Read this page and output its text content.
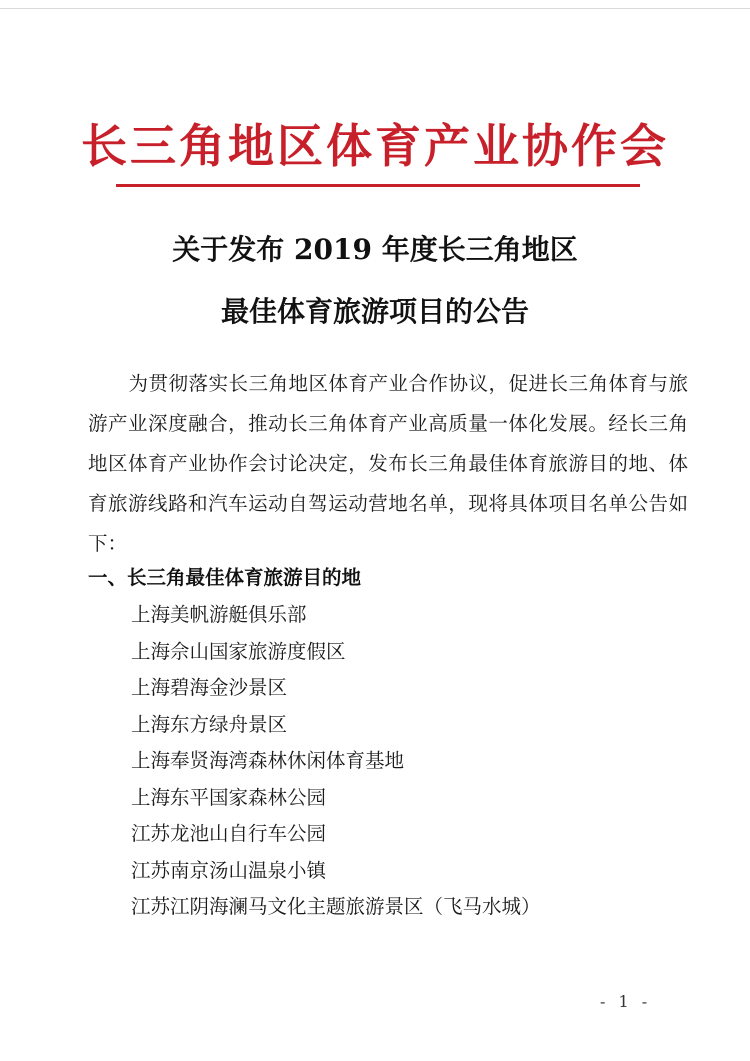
长三角地区体育产业协作会
关于发布 2019 年度长三角地区
最佳体育旅游项目的公告
为贯彻落实长三角地区体育产业合作协议，促进长三角体育与旅游产业深度融合，推动长三角体育产业高质量一体化发展。经长三角地区体育产业协作会讨论决定，发布长三角最佳体育旅游目的地、体育旅游线路和汽车运动自驾运动营地名单，现将具体项目名单公告如下：
一、长三角最佳体育旅游目的地
上海美帆游艇俱乐部
上海佘山国家旅游度假区
上海碧海金沙景区
上海东方绿舟景区
上海奉贤海湾森林休闲体育基地
上海东平国家森林公园
江苏龙池山自行车公园
江苏南京汤山温泉小镇
江苏江阴海澜马文化主题旅游景区（飞马水城）
- 1 -
